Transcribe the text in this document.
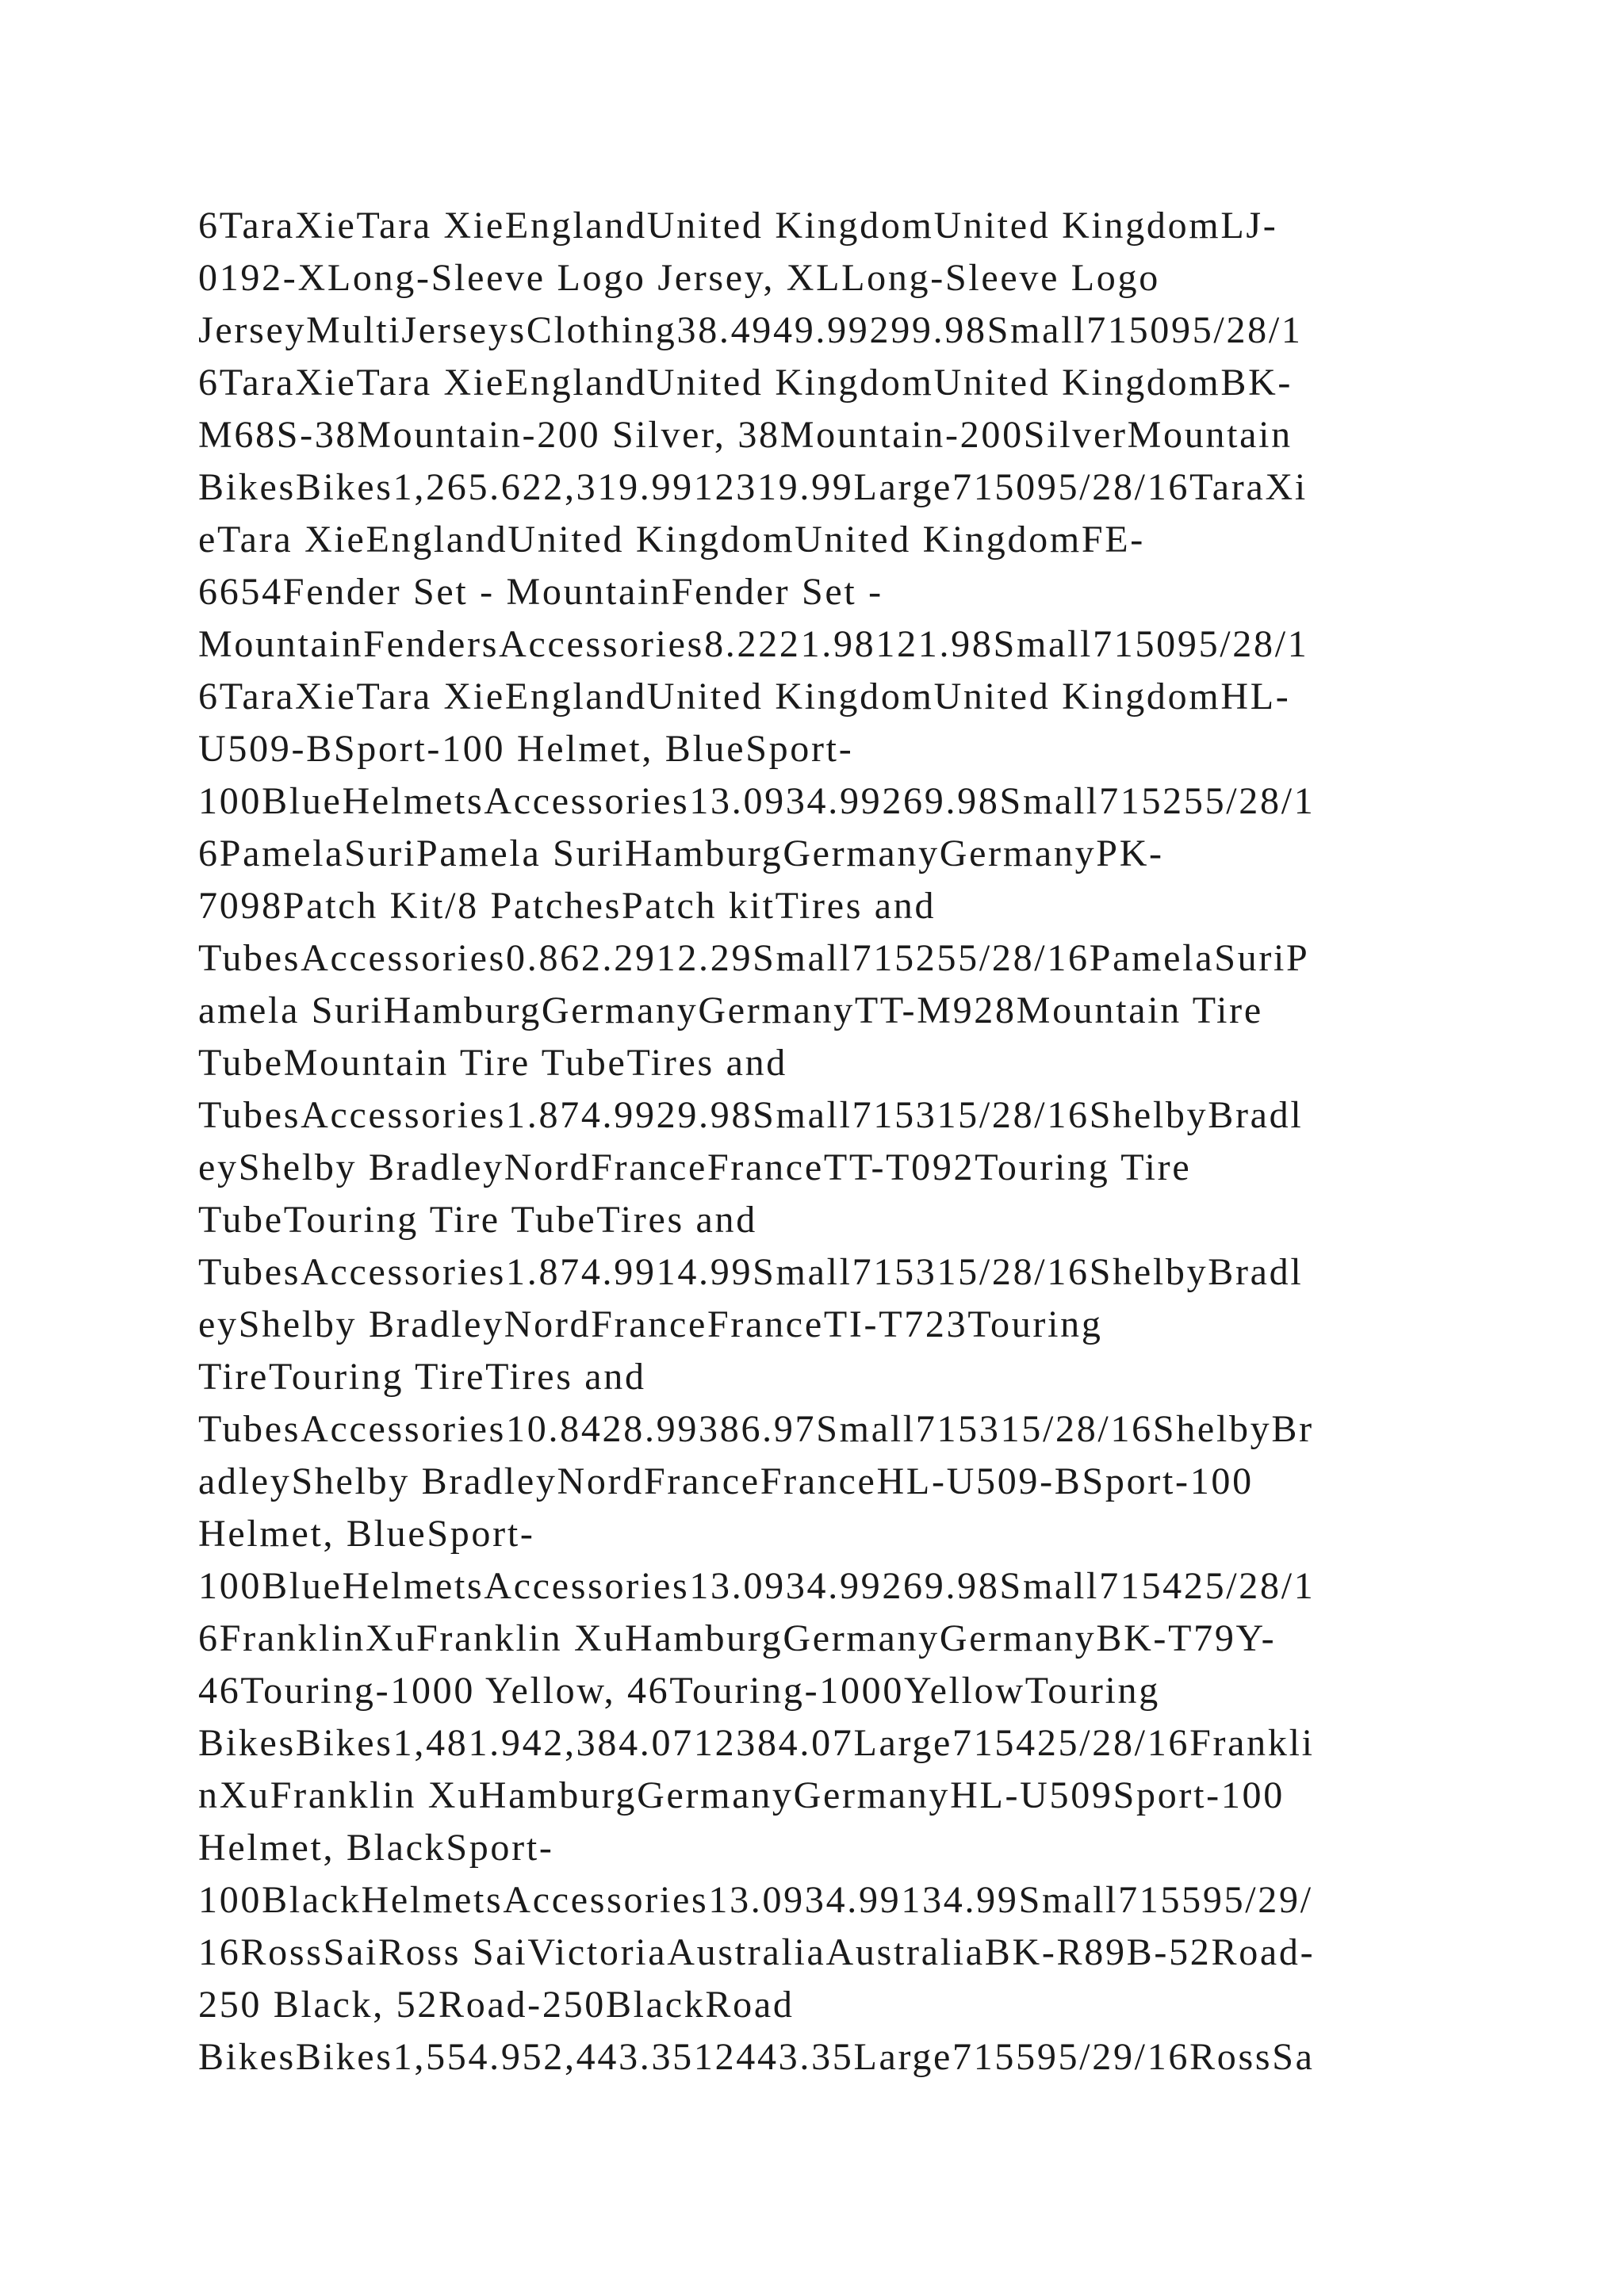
6TaraXieTara XieEnglandUnited KingdomUnited KingdomLJ-
0192-XLong-Sleeve Logo Jersey, XLLong-Sleeve Logo
JerseyMultiJerseysClothing38.4949.99299.98Small715095/28/1
6TaraXieTara XieEnglandUnited KingdomUnited KingdomBK-
M68S-38Mountain-200 Silver, 38Mountain-200SilverMountain
BikesBikes1,265.622,319.9912319.99Large715095/28/16TaraXi
eTara XieEnglandUnited KingdomUnited KingdomFE-
6654Fender Set - MountainFender Set -
MountainFendersAccessories8.2221.98121.98Small715095/28/1
6TaraXieTara XieEnglandUnited KingdomUnited KingdomHL-
U509-BSport-100 Helmet, BlueSport-
100BlueHelmetsAccessories13.0934.99269.98Small715255/28/1
6PamelaSuriPamela SuriHamburgGermanyGermanyPK-
7098Patch Kit/8 PatchesPatch kitTires and
TubesAccessories0.862.2912.29Small715255/28/16PamelaSuriP
amela SuriHamburgGermanyGermanyTT-M928Mountain Tire
TubeMountain Tire TubeTires and
TubesAccessories1.874.9929.98Small715315/28/16ShelbyBradl
eyShelby BradleyNordFranceFranceTT-T092Touring Tire
TubeTouring Tire TubeTires and
TubesAccessories1.874.9914.99Small715315/28/16ShelbyBradl
eyShelby BradleyNordFranceFranceTI-T723Touring
TireTouring TireTires and
TubesAccessories10.8428.99386.97Small715315/28/16ShelbyBr
adleyShelby BradleyNordFranceFranceHL-U509-BSport-100
Helmet, BlueSport-
100BlueHelmetsAccessories13.0934.99269.98Small715425/28/1
6FranklinXuFranklin XuHamburgGermanyGermanyBK-T79Y-
46Touring-1000 Yellow, 46Touring-1000YellowTouring
BikesBikes1,481.942,384.0712384.07Large715425/28/16Frankli
nXuFranklin XuHamburgGermanyGermanyHL-U509Sport-100
Helmet, BlackSport-
100BlackHelmetsAccessories13.0934.99134.99Small715595/29/
16RossSaiRoss SaiVictoriaAustraliaAustraliaBK-R89B-52Road-
250 Black, 52Road-250BlackRoad
BikesBikes1,554.952,443.3512443.35Large715595/29/16RossSa
